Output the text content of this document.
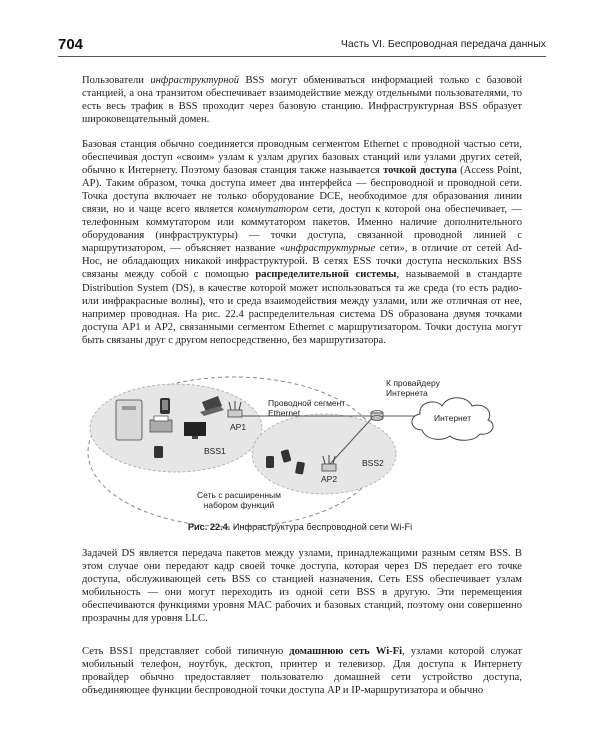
704	Часть VI. Беспроводная передача данных

Пользователи инфраструктурной BSS могут обмениваться информацией только с базовой станцией, а она транзитом обеспечивает взаимодействие между отдельными пользователями, то есть весь трафик в BSS проходит через базовую станцию. Инфраструктурная BSS образует широковещательный домен.

Базовая станция обычно соединяется проводным сегментом Ethernet с проводной частью сети, обеспечивая доступ «своим» узлам к узлам других базовых станций или узлами других сетей, обычно к Интернету. Поэтому базовая станция также называется точкой доступа (Access Point, AP). Таким образом, точка доступа имеет два интерфейса — беспроводной и проводной сети. Точка доступа включает не только оборудование DCE, необходимое для образования линии связи, но и чаще всего является коммутатором сети, доступ к которой она обеспечивает, — телефонным коммутатором или коммутатором пакетов. Именно наличие дополнительного оборудования (инфраструктуры) — точки доступа, связанной проводной линией с маршрутизатором, — объясняет название «инфраструктурные сети», в отличие от сетей Ad-Hoc, не обладающих никакой инфраструктурой. В сетях ESS точки доступа нескольких BSS связаны между собой с помощью распределительной системы, называемой в стандарте Distribution System (DS), в качестве которой может использоваться та же среда (то есть радио- или инфракрасные волны), что и среда взаимодействия между узлами, или же отличная от нее, например проводная. На рис. 22.4 распределительная система DS образована двумя точками доступа AP1 и AP2, связанными сегментом Ethernet с маршрутизатором. Точки доступа могут быть связаны друг с другом непосредственно, без маршрутизатора.

Проводной сегмент Ethernet
К провайдеру Интернета
Интернет
AP1
AP2
BSS1
BSS2
Сеть с расширенным набором функций
Рис. 22.4. Инфраструктура беспроводной сети Wi-Fi

Задачей DS является передача пакетов между узлами, принадлежащими разным сетям BSS. В этом случае они передают кадр своей точке доступа, которая через DS передает его точке доступа, обслуживающей сеть BSS со станцией назначения. Сеть ESS обеспечивает узлам мобильность — они могут переходить из одной сети BSS в другую. Эти перемещения обеспечиваются функциями уровня MAC рабочих и базовых станций, поэтому они совершенно прозрачны для уровня LLC.

Сеть BSS1 представляет собой типичную домашнюю сеть Wi-Fi, узлами которой служат мобильный телефон, ноутбук, десктоп, принтер и телевизор. Для доступа к Интернету провайдер обычно предоставляет пользователю домашней сети устройство доступа, объединяющее функции беспроводной точки доступа AP и IP-маршрутизатора и обычно
